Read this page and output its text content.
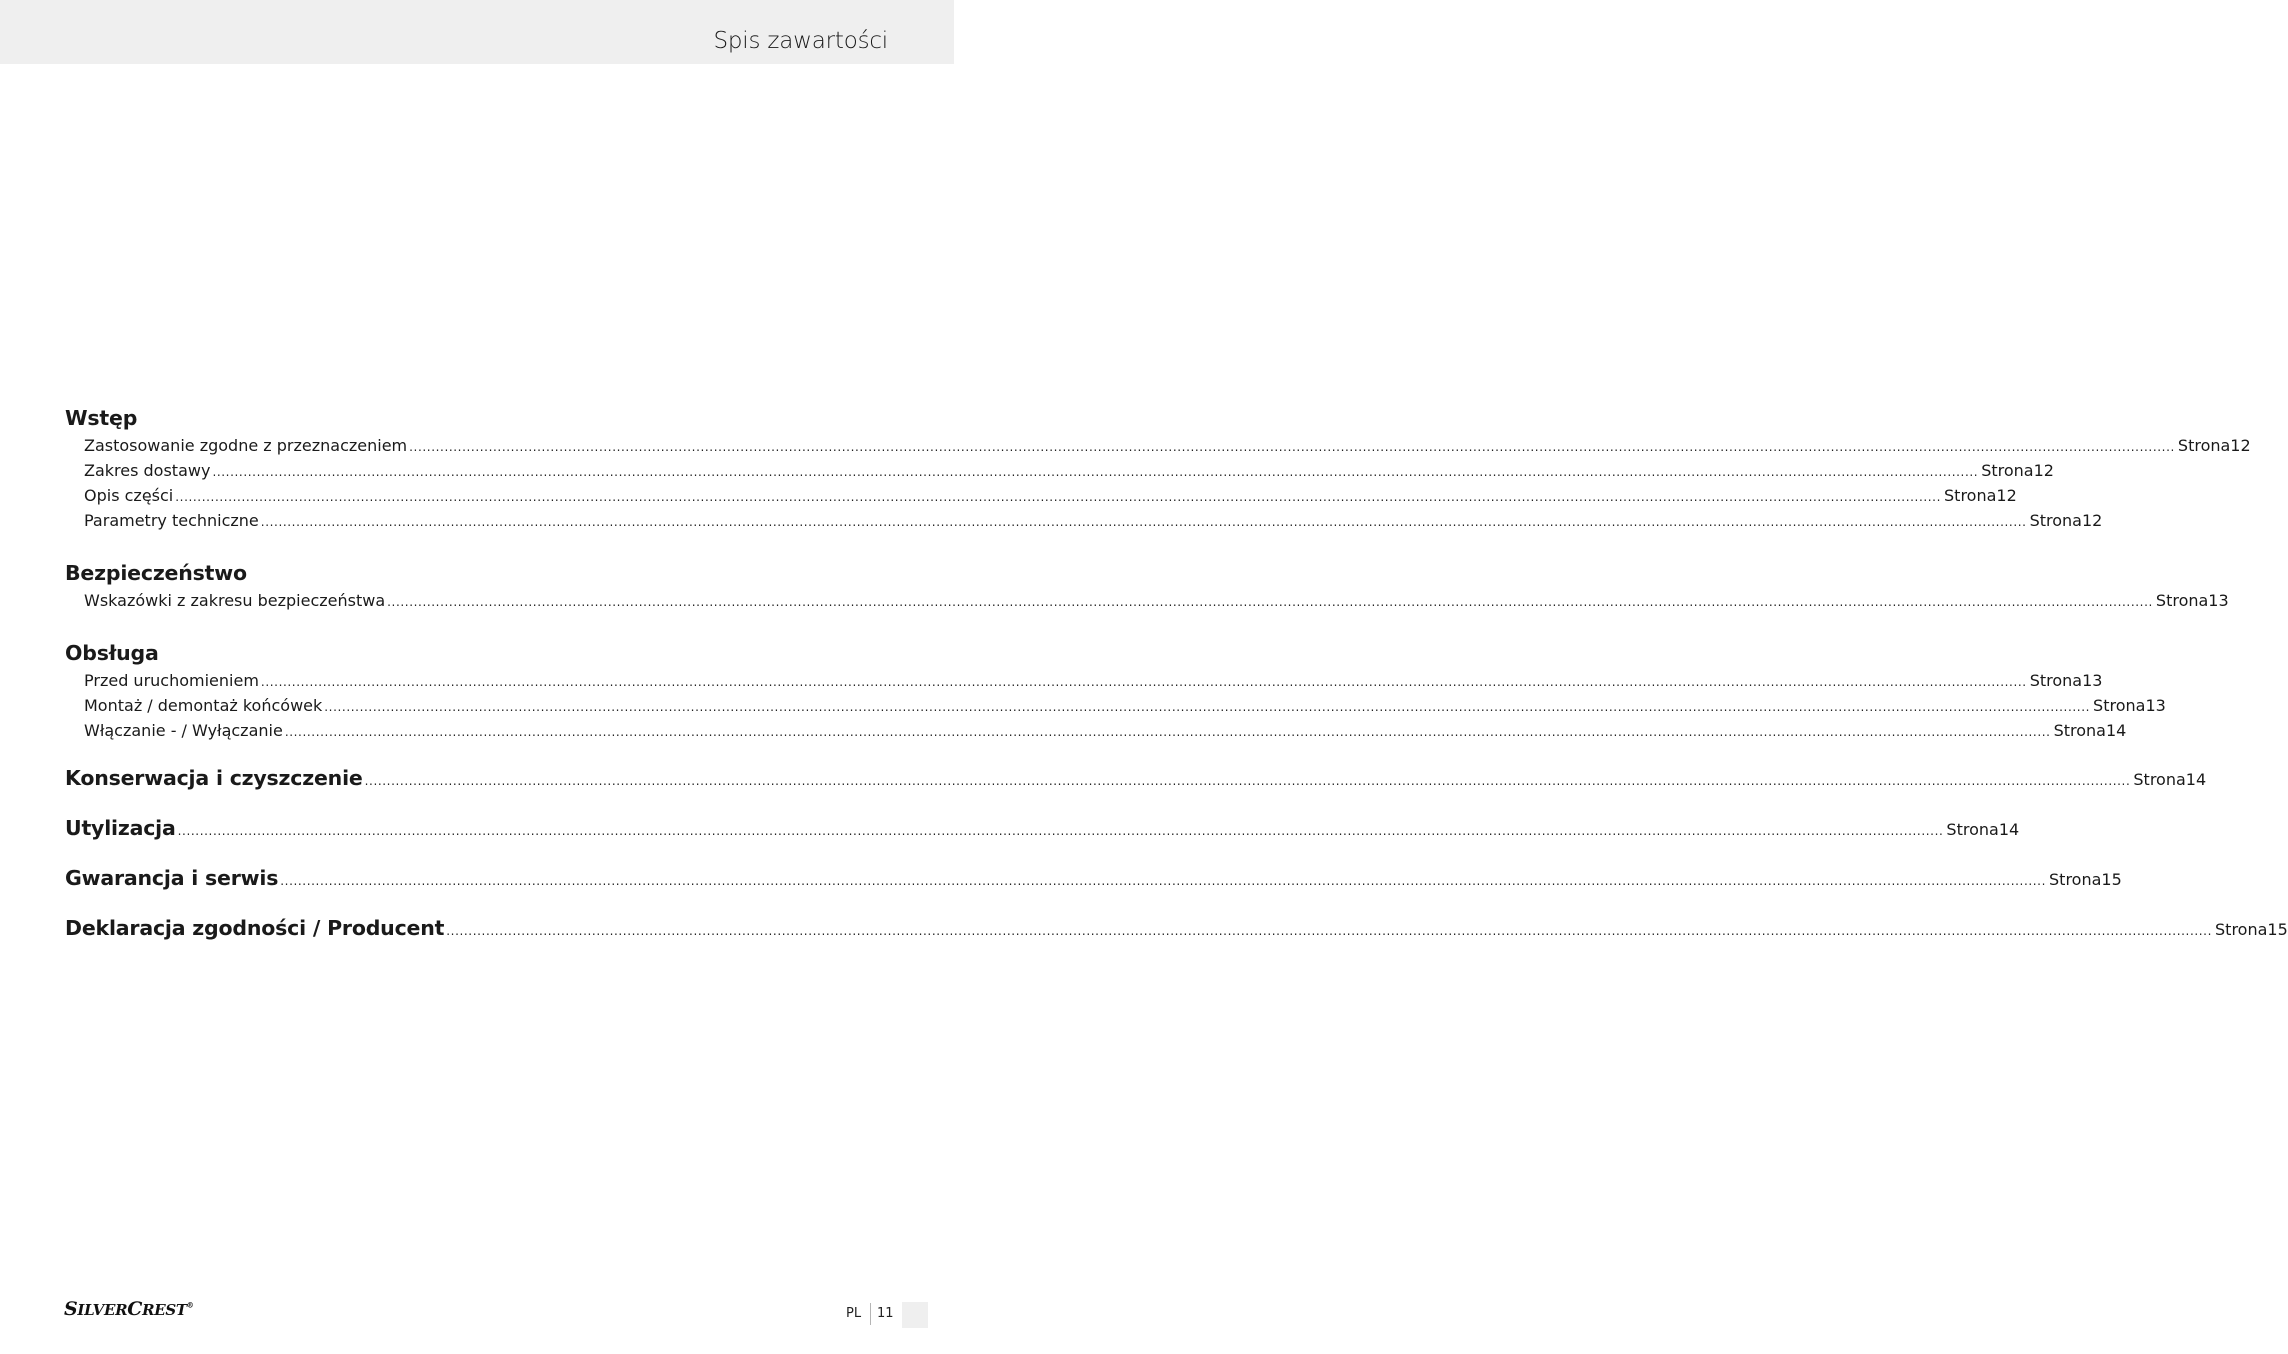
Spis zawartości
Wstęp
Zastosowanie zgodne z przeznaczeniem ................................................................................................................................................................................................................................................................................................................................................................................................................ Strona 12
Zakres dostawy ................................................................................................................................................................................................................................................................................................................................................................................................................ Strona 12
Opis części ................................................................................................................................................................................................................................................................................................................................................................................................................ Strona 12
Parametry techniczne ................................................................................................................................................................................................................................................................................................................................................................................................................ Strona 12
Bezpieczeństwo
Wskazówki z zakresu bezpieczeństwa ................................................................................................................................................................................................................................................................................................................................................................................................................ Strona 13
Obsługa
Przed uruchomieniem ................................................................................................................................................................................................................................................................................................................................................................................................................ Strona 13
Montaż / demontaż końcówek ................................................................................................................................................................................................................................................................................................................................................................................................................ Strona 13
Włączanie - / Wyłączanie ................................................................................................................................................................................................................................................................................................................................................................................................................ Strona 14
Konserwacja i czyszczenie ................................................................................................................................................................................................................................................................................................................................................................................................................ Strona 14
Utylizacja ................................................................................................................................................................................................................................................................................................................................................................................................................ Strona 14
Gwarancja i serwis ................................................................................................................................................................................................................................................................................................................................................................................................................ Strona 15
Deklaracja zgodności / Producent ................................................................................................................................................................................................................................................................................................................................................................................................................ Strona 15
SILVERCREST®
PL 11
